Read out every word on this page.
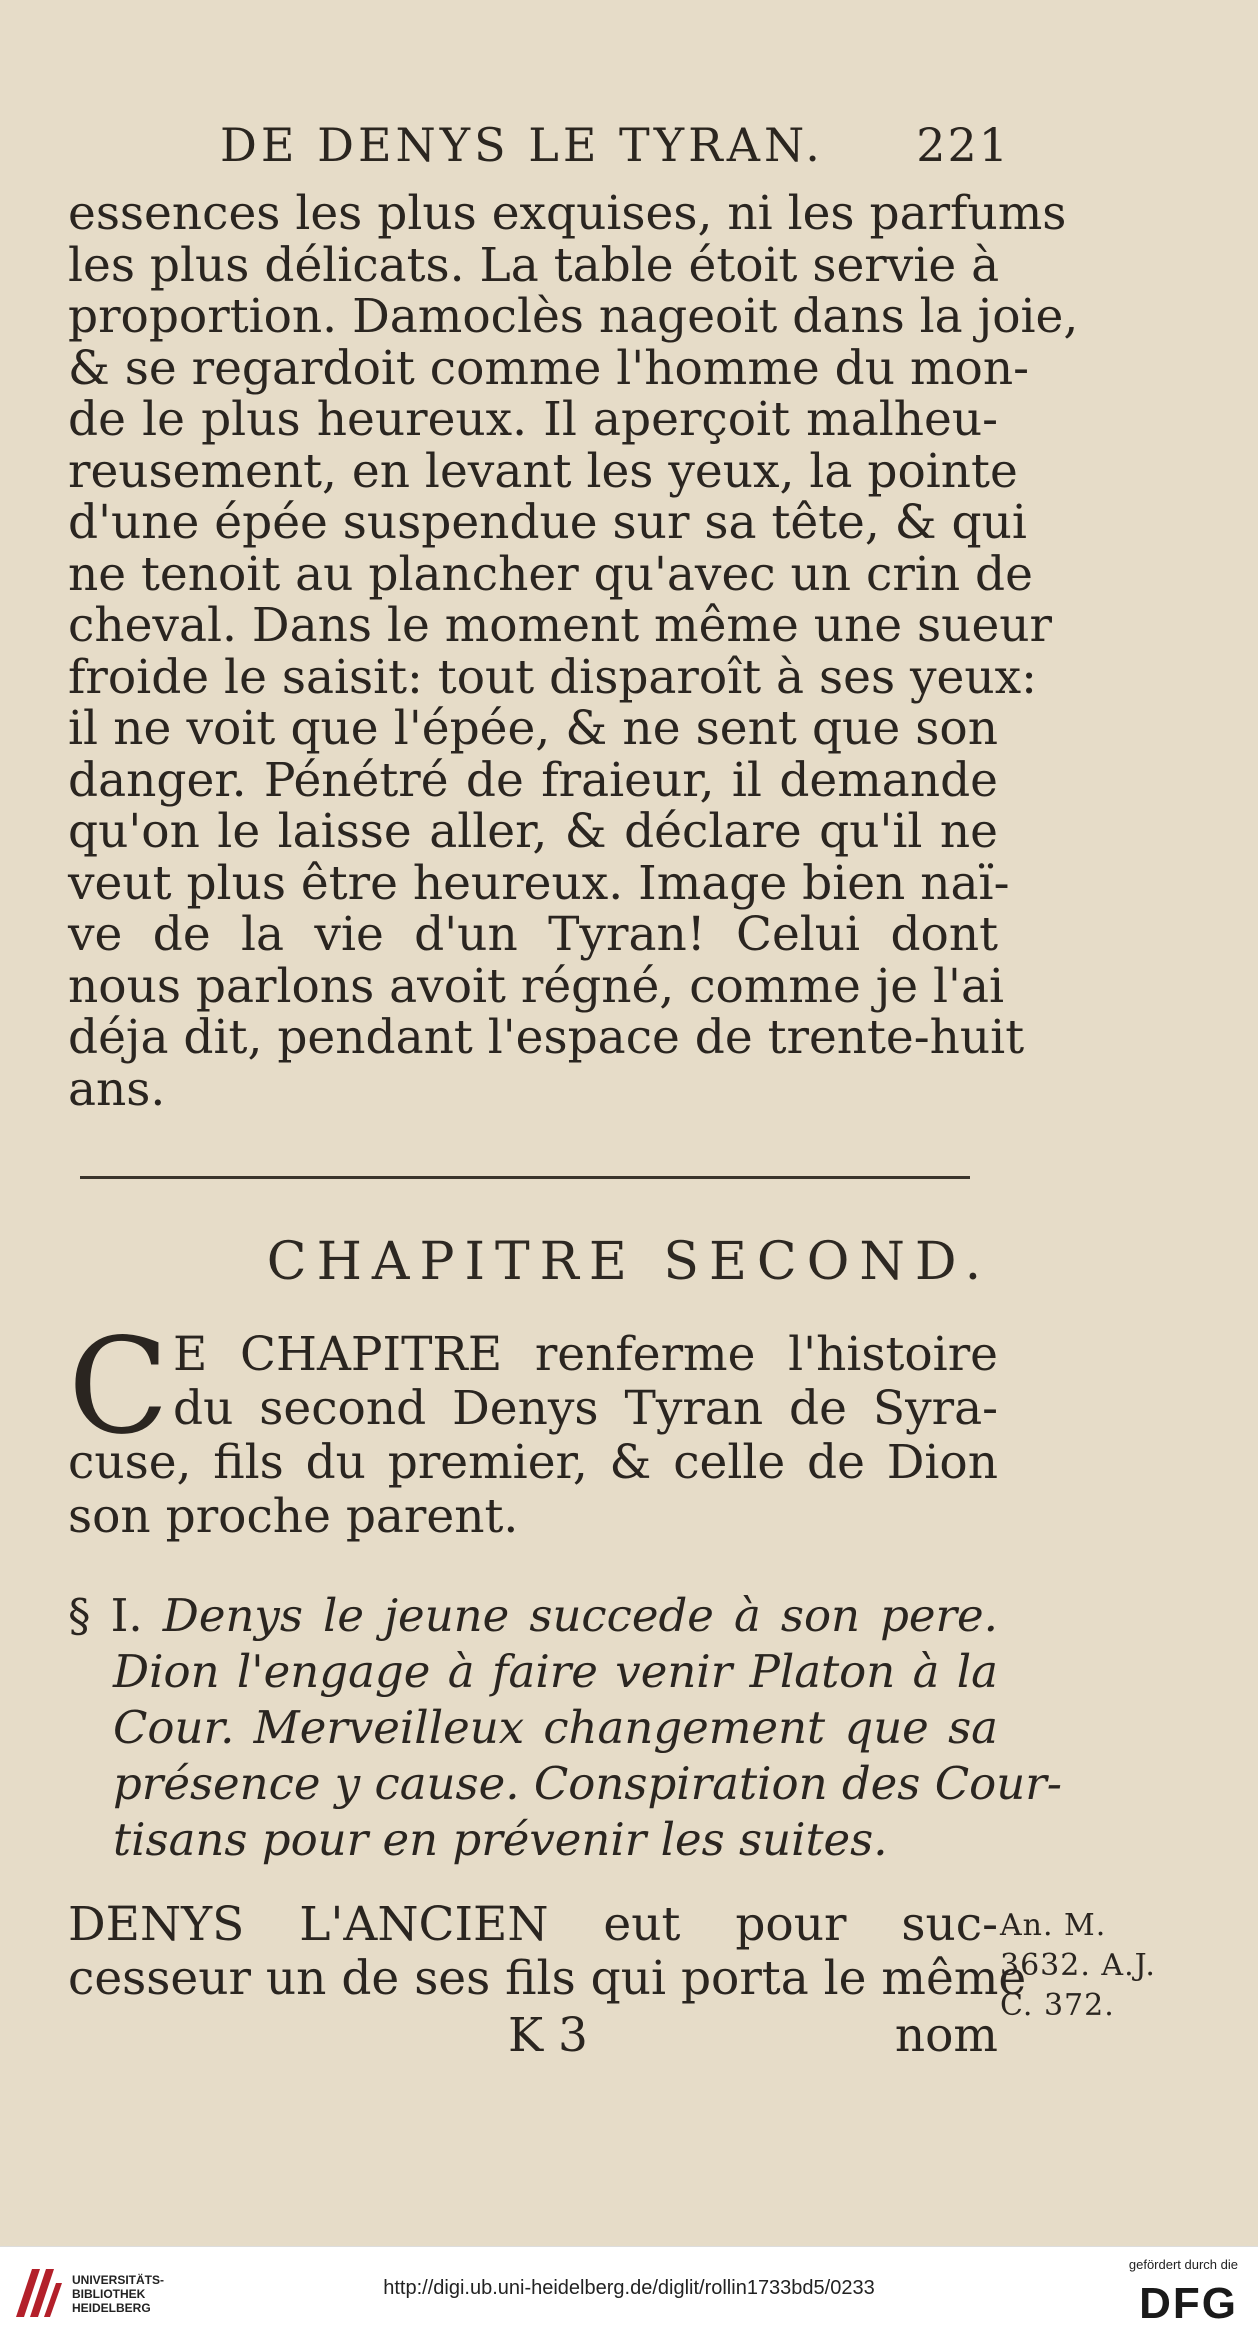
DE DENYS LE TYRAN. 221
essences les plus exquises, ni les parfums
les plus délicats. La table étoit servie à
proportion. Damoclès nageoit dans la joie,
& se regardoit comme l'homme du mon-
de le plus heureux. Il aperçoit malheu-
reusement, en levant les yeux, la pointe
d'une épée suspendue sur sa tête, & qui
ne tenoit au plancher qu'avec un crin de
cheval. Dans le moment même une sueur
froide le saisit: tout disparoît à ses yeux:
il ne voit que l'épée, & ne sent que son
danger. Pénétré de fraieur, il demande
qu'on le laisse aller, & déclare qu'il ne
veut plus être heureux. Image bien naï-
ve de la vie d'un Tyran! Celui dont
nous parlons avoit régné, comme je l'ai
déja dit, pendant l'espace de trente-huit
ans.
CHAPITRE SECOND.
C E CHAPITRE renferme l'histoire
du second Denys Tyran de Syra-
cuse, fils du premier, & celle de Dion
son proche parent.
§ I. Denys le jeune succede à son pere.
Dion l'engage à faire venir Platon à la
Cour. Merveilleux changement que sa
présence y cause. Conspiration des Cour-
tisans pour en prévenir les suites.
DENYS L'ANCIEN eut pour suc-
cesseur un de ses fils qui porta le même
K 3	nom
An. M.
3632. A.J.
C. 372.
UNIVERSITÄTS-
BIBLIOTHEK
HEIDELBERG
http://digi.ub.uni-heidelberg.de/diglit/rollin1733bd5/0233
gefördert durch die
DFG
